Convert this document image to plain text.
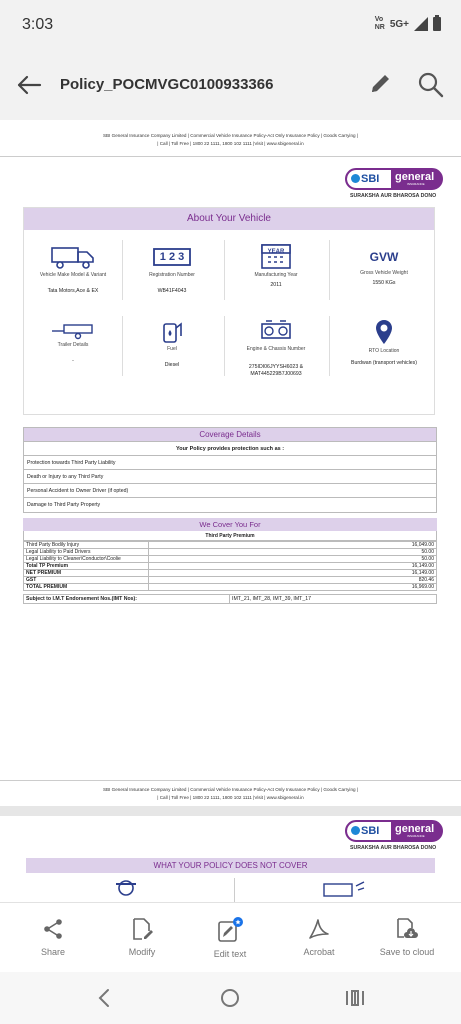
3:03	Vo 
NR 5G+
Policy_POCMVGC0100933366
SBI General Insurance Company Limited | Commercial Vehicle Insurance Policy-Act Only Insurance Policy | Goods Carrying |
| Call | Toll Free | 1800 22 1111, 1800 102 1111 |Visit | www.sbigeneral.in
SBI	general
INSURANCE
SURAKSHA AUR BHAROSA DONO
About Your Vehicle
Vehicle Make Model & Variant
Tata Motors,Ace & EX
1 2 3
Registration Number
WB41F4043
YEAR
Manufacturing Year
2011
GVW
Gross Vehicle Weight
1550 KGs
Trailer Details
-
Fuel
Diesel
Engine & Chassis Number
275IDI06JYYSH6023 & MAT445229B7J00693
RTO Location
Burdwan (transport vehicles)
Coverage Details
Your Policy provides protection such as :
Protection towards Third Party Liability
Death or Injury to any Third Party
Personal Accident to Owner Driver (if opted)
Damage to Third Party Property
We Cover You For
Third Party Premium
Third Party Bodily Injury	16,049.00
Legal Liability to Paid Drivers	50.00
Legal Liability to Cleaner\Conductor\Coolie	50.00
Total TP Premium	16,149.00
NET PREMIUM	16,149.00
GST	820.46
TOTAL PREMIUM	16,969.00
Subject to I.M.T Endorsement Nos.(IMT Nos):	IMT_21, IMT_28, IMT_39, IMT_17
SBI General Insurance Company Limited | Commercial Vehicle Insurance Policy-Act Only Insurance Policy | Goods Carrying |
| Call | Toll Free | 1800 22 1111, 1800 102 1111 |Visit | www.sbigeneral.in
SBI	general
INSURANCE
SURAKSHA AUR BHAROSA DONO
WHAT YOUR POLICY DOES NOT COVER
Share	Modify	Edit text	Acrobat	Save to cloud
